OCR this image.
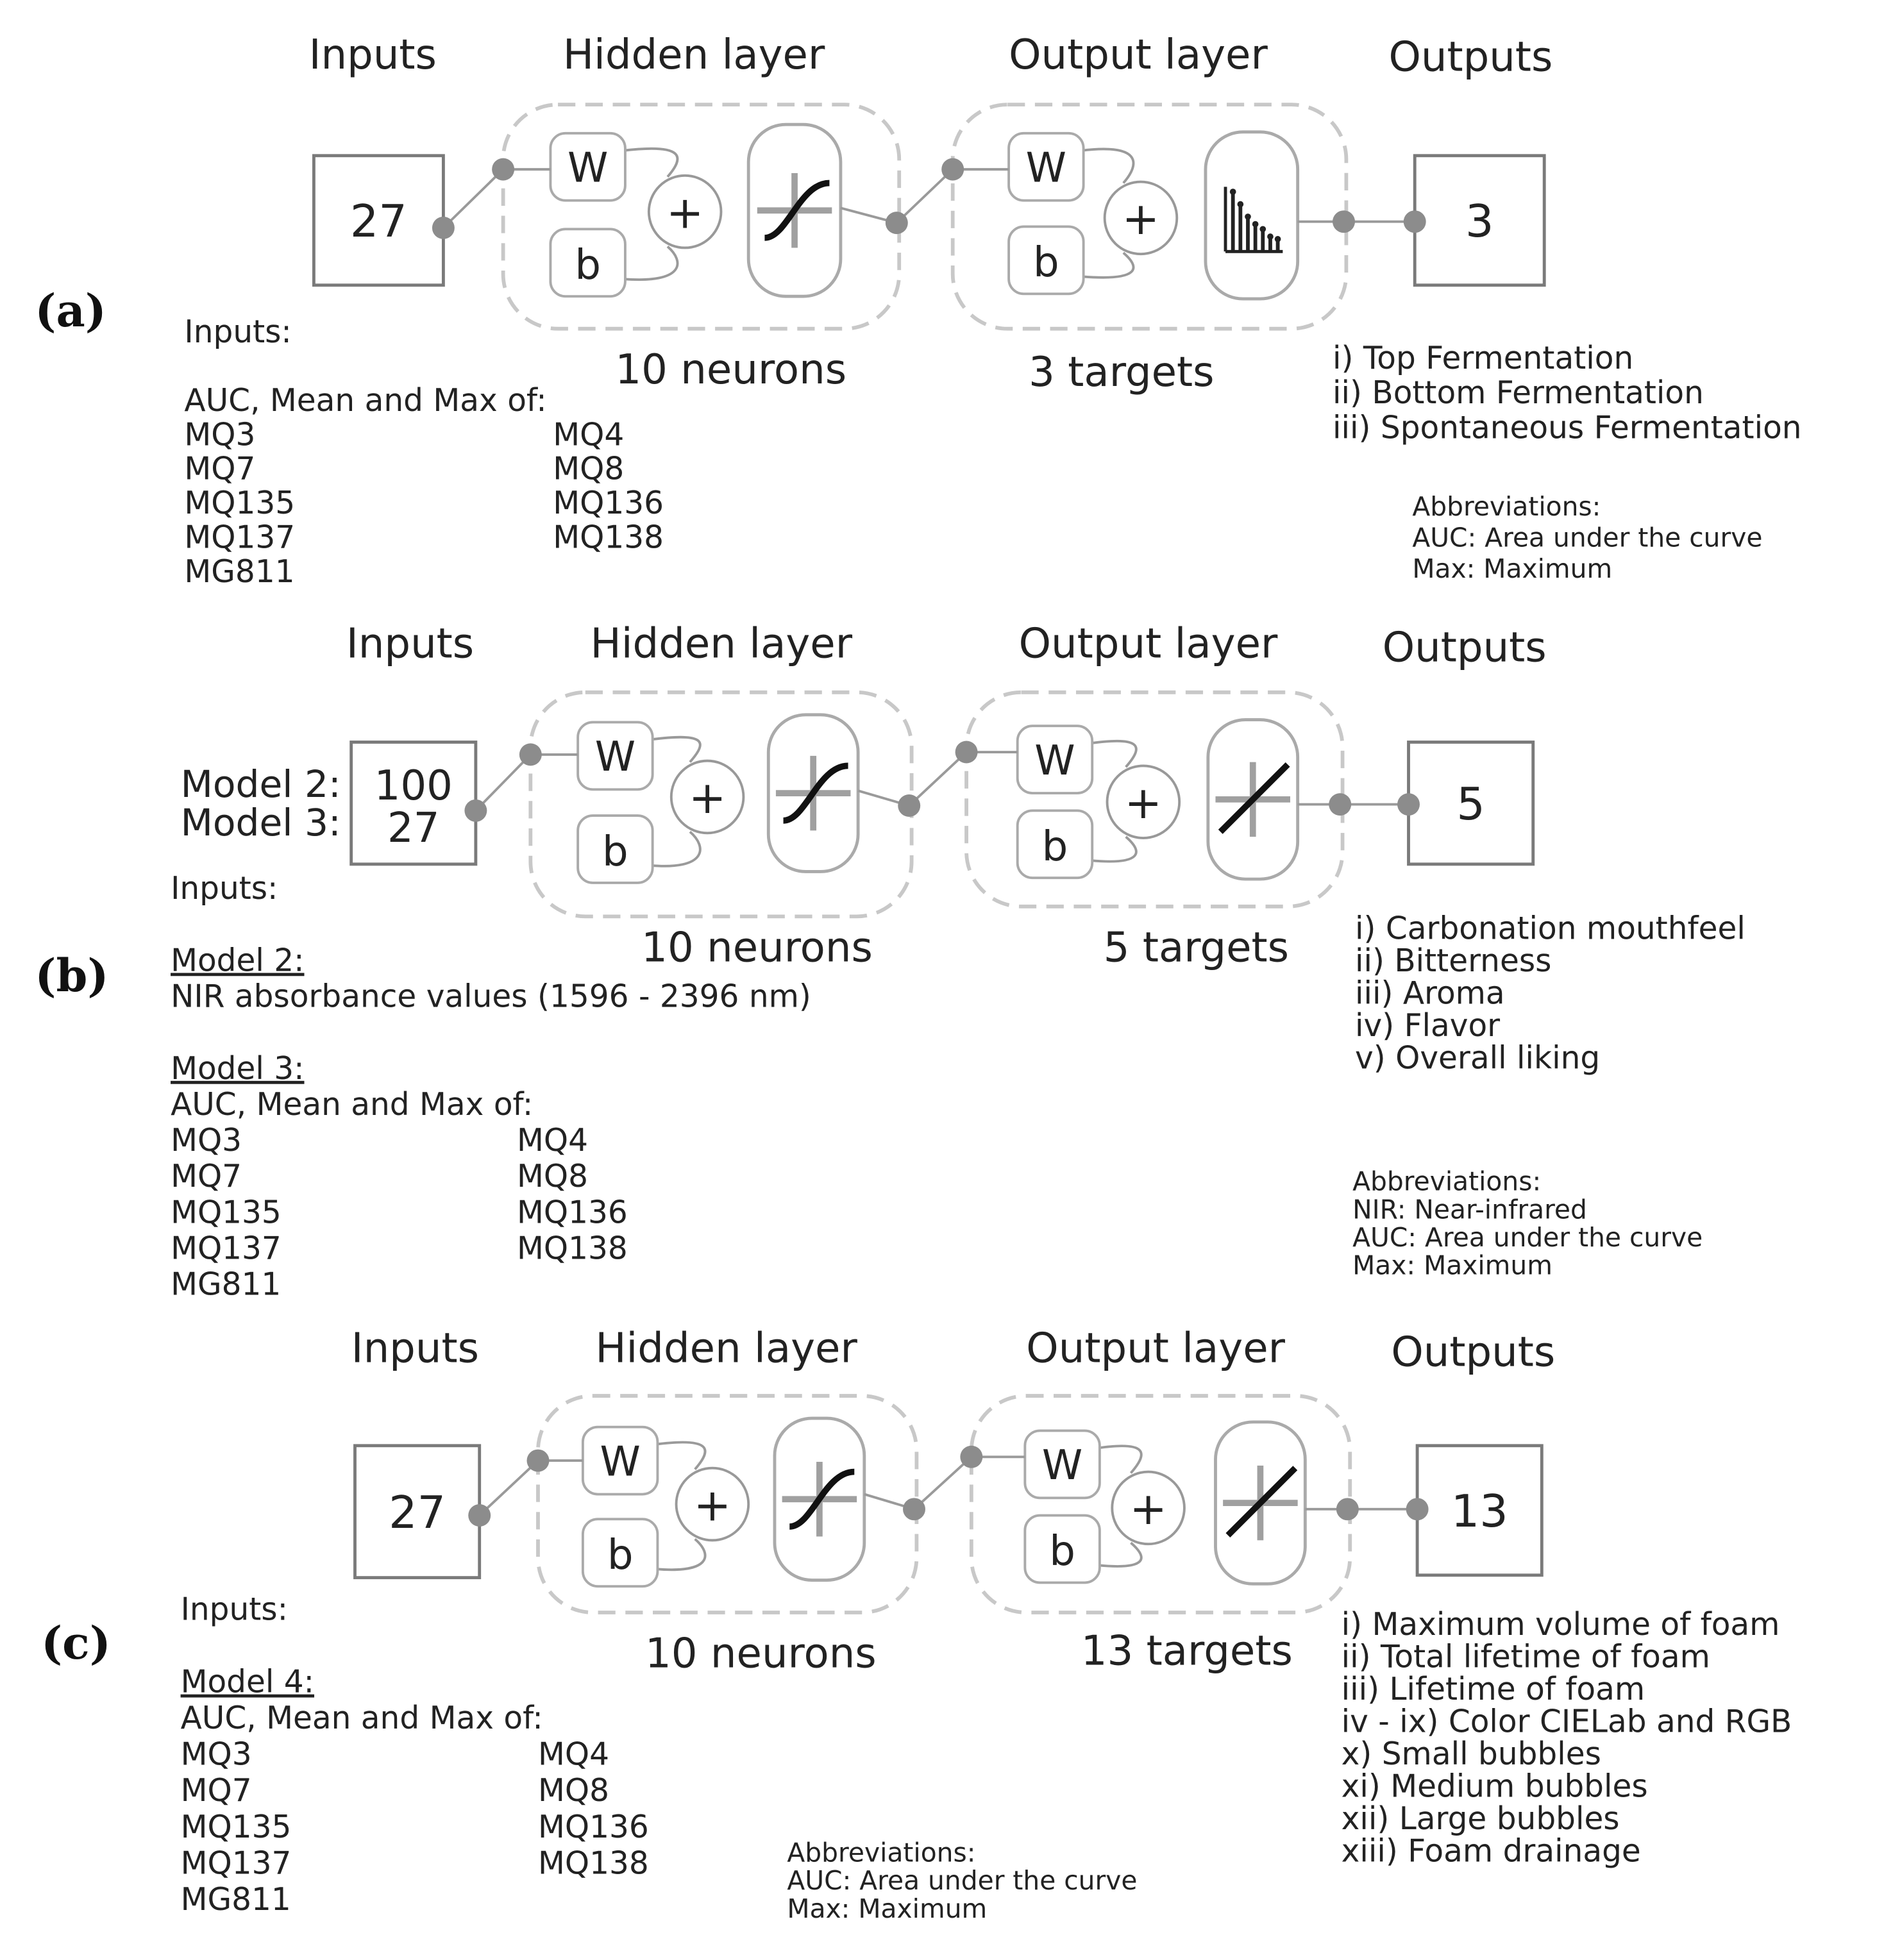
(a)
Inputs	Hidden layer	Output layer	Outputs
27	3
W
b
+
W
b
+
10 neurons	3 targets
Inputs:
AUC, Mean and Max of:
MQ3	MQ4
MQ7	MQ8
MQ135	MQ136
MQ137	MQ138
MG811
i) Top Fermentation
ii) Bottom Fermentation
iii) Spontaneous Fermentation
Abbreviations:
AUC: Area under the curve
Max: Maximum
(b)
Inputs	Hidden layer	Output layer	Outputs
100
27	5
Model 2:
Model 3:
W
b
+
W
b
+
10 neurons	5 targets
Inputs:
Model 2:
NIR absorbance values (1596 - 2396 nm)
Model 3:
AUC, Mean and Max of:
MQ3	MQ4
MQ7	MQ8
MQ135	MQ136
MQ137	MQ138
MG811
i) Carbonation mouthfeel
ii) Bitterness
iii) Aroma
iv) Flavor
v) Overall liking
Abbreviations:
NIR: Near-infrared
AUC: Area under the curve
Max: Maximum
(c)
Inputs	Hidden layer	Output layer	Outputs
27	13
W
b
+
W
b
+
10 neurons	13 targets
Inputs:
Model 4:
AUC, Mean and Max of:
MQ3	MQ4
MQ7	MQ8
MQ135	MQ136
MQ137	MQ138
MG811
i) Maximum volume of foam
ii) Total lifetime of foam
iii) Lifetime of foam
iv - ix) Color CIELab and RGB
x) Small bubbles
xi) Medium bubbles
xii) Large bubbles
xiii) Foam drainage
Abbreviations:
AUC: Area under the curve
Max: Maximum
